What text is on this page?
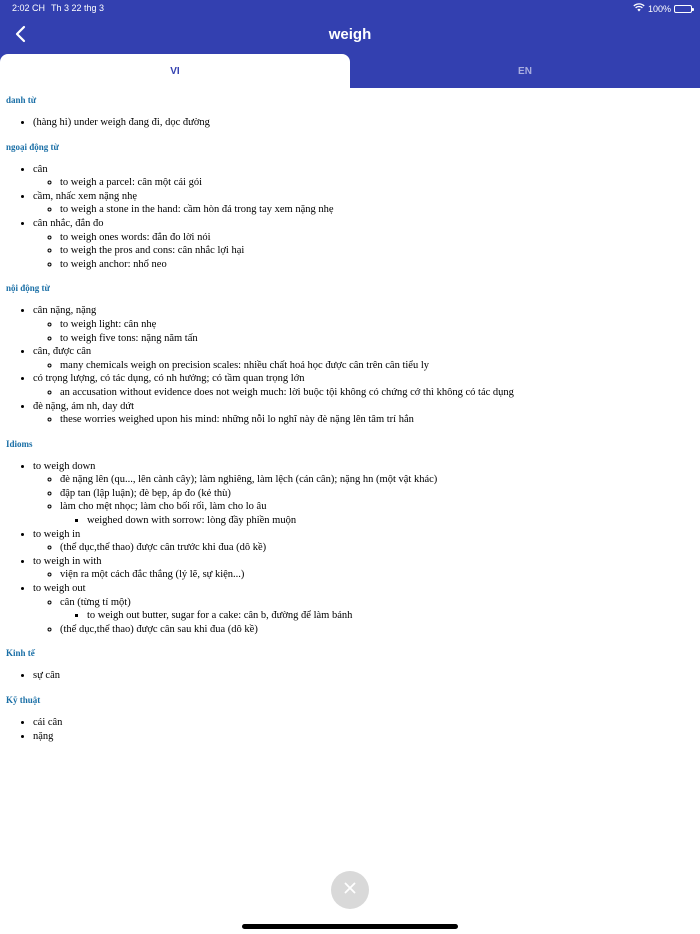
2:02 CH Th 3 22 thg 3	100%
weigh
VI	EN
danh từ
• (hàng hi) under weigh đang đi, dọc đường
ngoại động từ
• cân
◦ to weigh a parcel: cân một cái gói
• cầm, nhấc xem nặng nhẹ
◦ to weigh a stone in the hand: cầm hòn đá trong tay xem nặng nhẹ
• cân nhắc, đắn đo
◦ to weigh ones words: đắn đo lời nói
◦ to weigh the pros and cons: cân nhắc lợi hại
◦ to weigh anchor: nhổ neo
nội động từ
• cân nặng, nặng
◦ to weigh light: cân nhẹ
◦ to weigh five tons: nặng năm tấn
• cân, được cân
◦ many chemicals weigh on precision scales: nhiều chất hoá học được cân trên cân tiểu ly
• có trọng lượng, có tác dụng, có nh hưởng; có tầm quan trọng lớn
◦ an accusation without evidence does not weigh much: lời buộc tội không có chứng cớ thì không có tác dụng
• đè nặng, ám nh, day dứt
◦ these worries weighed upon his mind: những nỗi lo nghĩ này đè nặng lên tâm trí hắn
Idioms
• to weigh down
◦ đè nặng lên (qu..., lên cành cây); làm nghiêng, làm lệch (cán cân); nặng hn (một vật khác)
◦ đập tan (lập luận); đè bẹp, áp đo (kẻ thù)
◦ làm cho mệt nhọc; làm cho bối rối, làm cho lo âu
▪ weighed down with sorrow: lòng đầy phiền muộn
• to weigh in
◦ (thể dục,thể thao) được cân trước khi đua (dô kề)
• to weigh in with
◦ viện ra một cách đắc thắng (lý lẽ, sự kiện...)
• to weigh out
◦ cân (từng tí một)
▪ to weigh out butter, sugar for a cake: cân b, đường để làm bánh
◦ (thể dục,thể thao) được cân sau khi đua (dô kề)
Kinh tế
• sự cân
Kỹ thuật
• cái cân
• nặng
